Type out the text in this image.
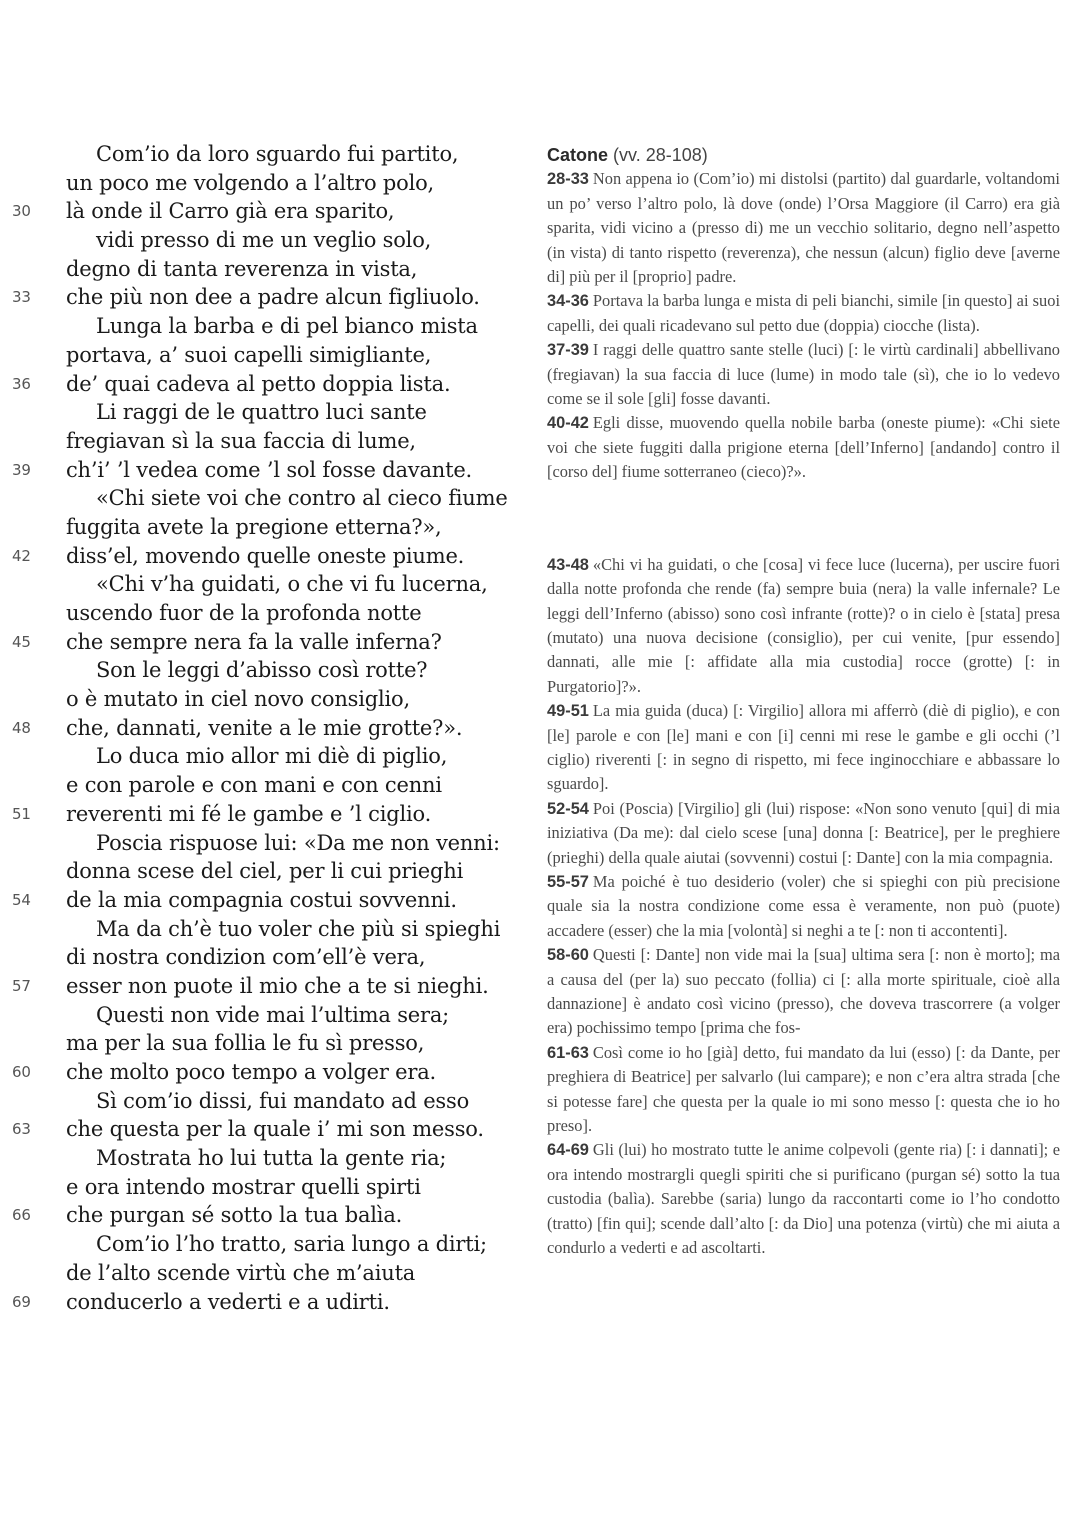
Com’io da loro sguardo fui partito,
un poco me volgendo a l’altro polo,
30	là onde il Carro già era sparito,
vidi presso di me un veglio solo,
degno di tanta reverenza in vista,
33	che più non dee a padre alcun figliuolo.
Lunga la barba e di pel bianco mista
portava, a’ suoi capelli simigliante,
36	de’ quai cadeva al petto doppia lista.
Li raggi de le quattro luci sante
fregiavan sì la sua faccia di lume,
39	ch’i’ ’l vedea come ’l sol fosse davante.
«Chi siete voi che contro al cieco fiume
fuggita avete la pregione etterna?»,
42	diss’el, movendo quelle oneste piume.
«Chi v’ha guidati, o che vi fu lucerna,
uscendo fuor de la profonda notte
45	che sempre nera fa la valle inferna?
Son le leggi d’abisso così rotte?
o è mutato in ciel novo consiglio,
48	che, dannati, venite a le mie grotte?».
Lo duca mio allor mi diè di piglio,
e con parole e con mani e con cenni
51	reverenti mi fé le gambe e ’l ciglio.
Poscia rispuose lui: «Da me non venni:
donna scese del ciel, per li cui prieghi
54	de la mia compagnia costui sovvenni.
Ma da ch’è tuo voler che più si spieghi
di nostra condizion com’ell’è vera,
57	esser non puote il mio che a te si nieghi.
Questi non vide mai l’ultima sera;
ma per la sua follia le fu sì presso,
60	che molto poco tempo a volger era.
Sì com’io dissi, fui mandato ad esso
63	che questa per la quale i’ mi son messo.
Mostrata ho lui tutta la gente ria;
e ora intendo mostrar quelli spirti
66	che purgan sé sotto la tua balìa.
Com’io l’ho tratto, saria lungo a dirti;
de l’alto scende virtù che m’aiuta
69	conducerlo a vederti e a udirti.
Catone (vv. 28-108)

28-33 Non appena io (Com’io) mi distolsi (partito) dal guardarle, voltandomi un po’ verso l’altro polo, là dove (onde) l’Orsa Maggiore (il Carro) era già sparita, vidi vicino a (presso di) me un vecchio solitario, degno nell’aspetto (in vista) di tanto rispetto (reverenza), che nessun (alcun) figlio deve [averne di] più per il [proprio] padre.

34-36 Portava la barba lunga e mista di peli bianchi, simile [in questo] ai suoi capelli, dei quali ricadevano sul petto due (doppia) ciocche (lista).

37-39 I raggi delle quattro sante stelle (luci) [: le virtù cardinali] abbellivano (fregiavan) la sua faccia di luce (lume) in modo tale (sì), che io lo vedevo come se il sole [gli] fosse davanti.

40-42 Egli disse, muovendo quella nobile barba (oneste piume): «Chi siete voi che siete fuggiti dalla prigione eterna [dell’Inferno] [andando] contro il [corso del] fiume sotterraneo (cieco)?».

43-48 «Chi vi ha guidati, o che [cosa] vi fece luce (lucerna), per uscire fuori dalla notte profonda che rende (fa) sempre buia (nera) la valle infernale? Le leggi dell’Inferno (abisso) sono così infrante (rotte)? o in cielo è [stata] presa (mutato) una nuova decisione (consiglio), per cui venite, [pur essendo] dannati, alle mie [: affidate alla mia custodia] rocce (grotte) [: in Purgatorio]?».

49-51 La mia guida (duca) [: Virgilio] allora mi afferrò (diè di piglio), e con [le] parole e con [le] mani e con [i] cenni mi rese le gambe e gli occhi (’l ciglio) riverenti [: in segno di rispetto, mi fece inginocchiare e abbassare lo sguardo].

52-54 Poi (Poscia) [Virgilio] gli (lui) rispose: «Non sono venuto [qui] di mia iniziativa (Da me): dal cielo scese [una] donna [: Beatrice], per le preghiere (prieghi) della quale aiutai (sovvenni) costui [: Dante] con la mia compagnia.

55-57 Ma poiché è tuo desiderio (voler) che si spieghi con più precisione quale sia la nostra condizione come essa è veramente, non può (puote) accadere (esser) che la mia [volontà] si neghi a te [: non ti accontenti].

58-60 Questi [: Dante] non vide mai la [sua] ultima sera [: non è morto]; ma a causa del (per la) suo peccato (follia) ci [: alla morte spirituale, cioè alla dannazione] è andato così vicino (presso), che doveva trascorrere (a volger era) pochissimo tempo [prima che fos-

61-63 Così come io ho [già] detto, fui mandato da lui (esso) [: da Dante, per preghiera di Beatrice] per salvarlo (lui campare); e non c’era altra strada [che si potesse fare] che questa per la quale io mi sono messo [: questa che io ho preso].

64-69 Gli (lui) ho mostrato tutte le anime colpevoli (gente ria) [: i dannati]; e ora intendo mostrargli quegli spiriti che si purificano (purgan sé) sotto la tua custodia (balìa). Sarebbe (saria) lungo da raccontarti come io l’ho condotto (tratto) [fin qui]; scende dall’alto [: da Dio] una potenza (virtù) che mi aiuta a condurlo a vederti e ad ascoltarti.
